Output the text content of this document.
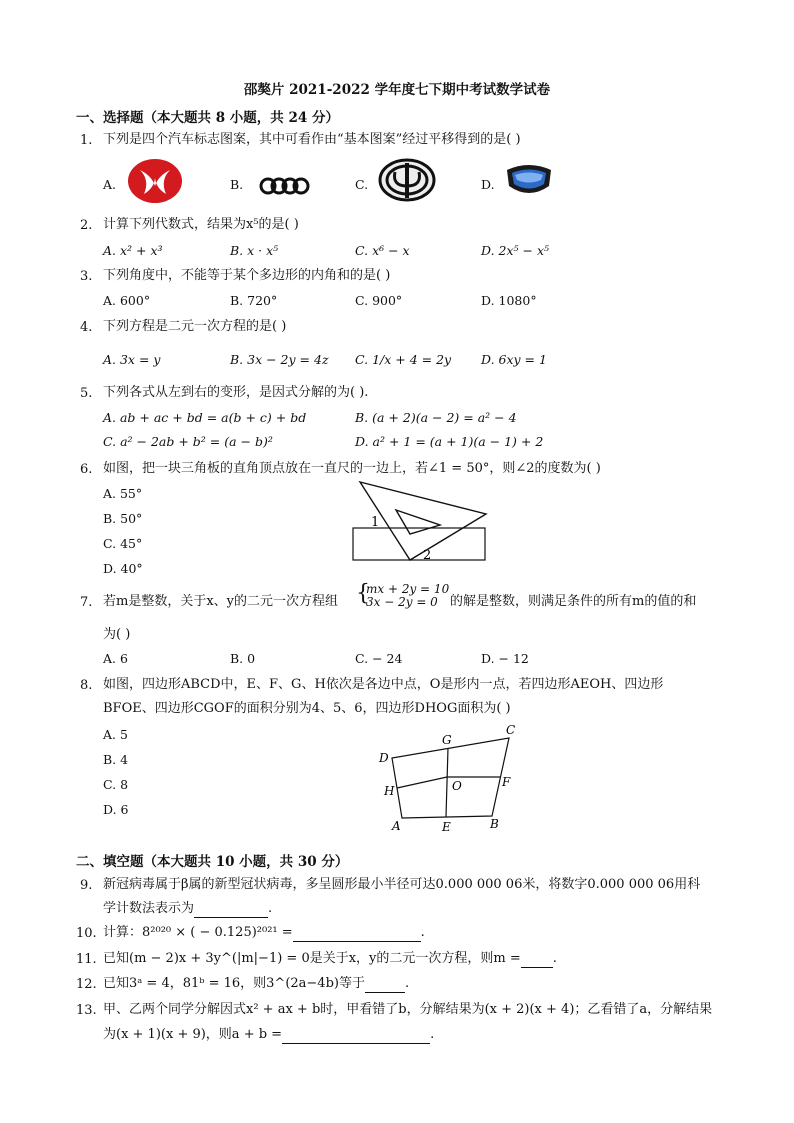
邵獒片 2021-2022 学年度七下期中考试数学试卷
一、选择题（本大题共 8 小题，共 24 分）
1. 下列是四个汽车标志图案，其中可看作由“基本图案”经过平移得到的是( )
A.	B.	C.	D.
2. 计算下列代数式，结果为x⁵的是( )
A. x² + x³	B. x · x⁵	C. x⁶ − x	D. 2x⁵ − x⁵
3. 下列角度中，不能等于某个多边形的内角和的是( )
A. 600°	B. 720°	C. 900°	D. 1080°
4. 下列方程是二元一次方程的是( )
A. 3x = y	B. 3x − 2y = 4z C. 1/x + 4 = 2y D. 6xy = 1
5. 下列各式从左到右的变形，是因式分解的为( ).
A. ab + ac + bd = a(b + c) + bd	B. (a + 2)(a − 2) = a² − 4
C. a² − 2ab + b² = (a − b)²	D. a² + 1 = (a + 1)(a − 1) + 2
6. 如图，把一块三角板的直角顶点放在一直尺的一边上，若∠1 = 50°，则∠2的度数为( )
A. 55°
B. 50°
C. 45°
D. 40°
1
2
7. 若m是整数，关于x、y的二元一次方程组 {
mx + 2y = 10
3x − 2y = 0 的解是整数，则满足条件的所有m的值的和
为( )
A. 6	B. 0	C. − 24	D. − 12
8. 如图，四边形ABCD中，E、F、G、H依次是各边中点，O是形内一点，若四边形AEOH、四边形
BFOE、四边形CGOF的面积分别为4、5、6，四边形DHOG面积为( )
A. 5
B. 4
C. 8
D. 6
A	B
C
D
E
F
G
H	O
二、填空题（本大题共 10 小题，共 30 分）
9. 新冠病毒属于β属的新型冠状病毒，多呈圆形最小半径可达0.000 000 06米，将数字0.000 000 06用科
学计数法表示为	.
10. 计算：8²⁰²⁰ × ( − 0.125)²⁰²¹ =	.
11. 已知(m − 2)x + 3y^(|m|−1) = 0是关于x，y的二元一次方程，则m = .
12. 已知3ᵃ = 4，81ᵇ = 16，则3^(2a−4b)等于	.
13. 甲、乙两个同学分解因式x² + ax + b时，甲看错了b，分解结果为(x + 2)(x + 4)；乙看错了a，分解结果
为(x + 1)(x + 9)，则a + b =	.
